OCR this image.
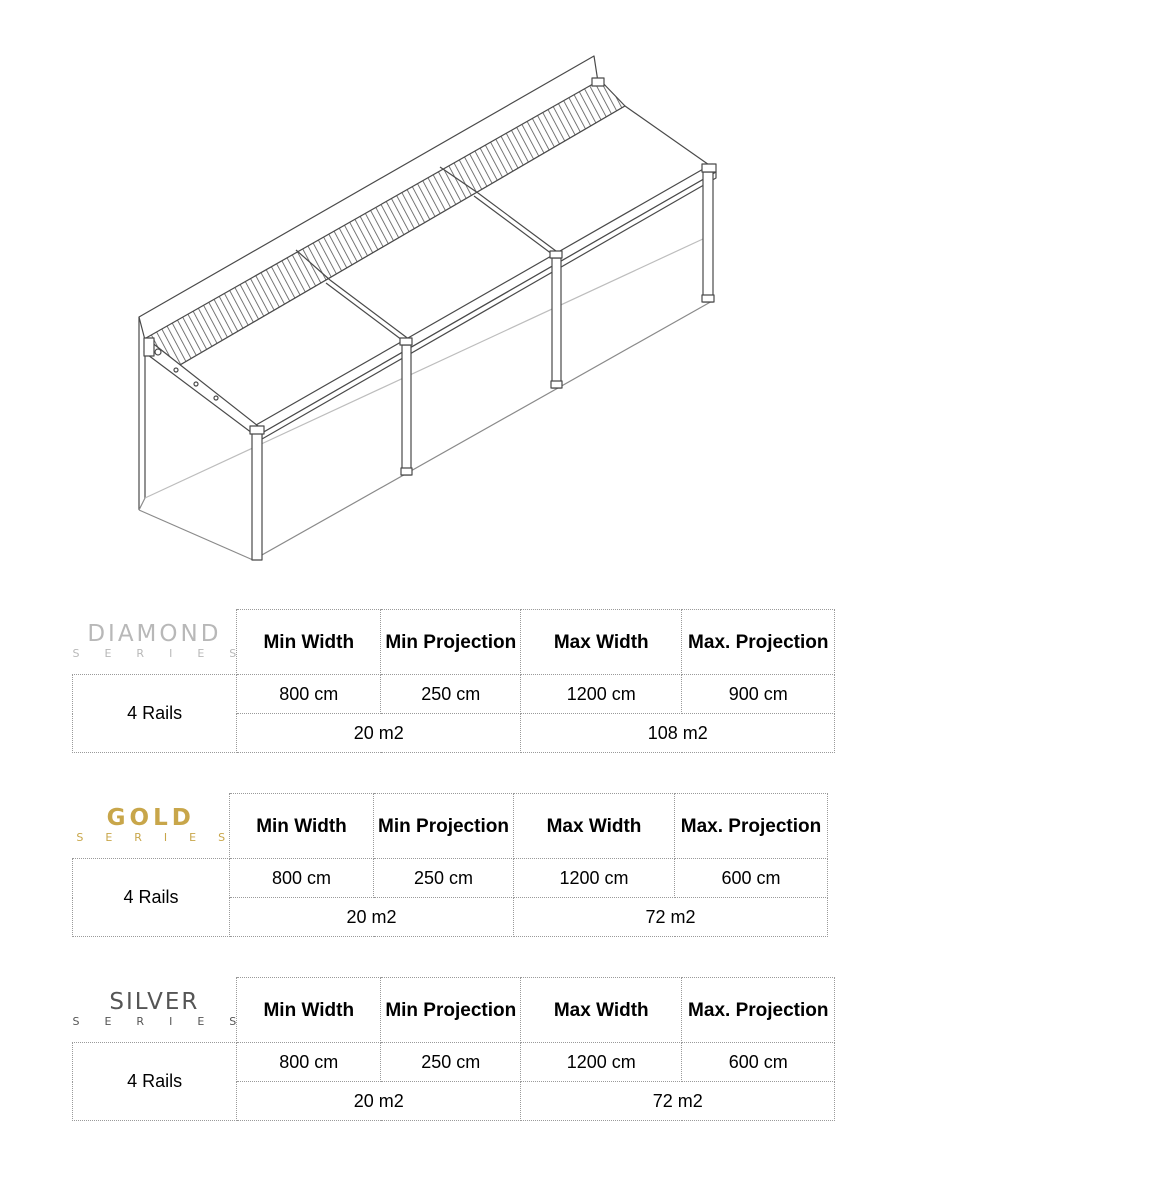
DIAMOND
SERIES	Min Width	Min Projection	Max Width	Max. Projection
4 Rails	800 cm	250 cm	1200 cm	900 cm
	20 m2		108 m2	
GOLD
SERIES	Min Width	Min Projection	Max Width	Max. Projection
4 Rails	800 cm	250 cm	1200 cm	600 cm
	20 m2		72 m2	
SILVER
SERIES	Min Width	Min Projection	Max Width	Max. Projection
4 Rails	800 cm	250 cm	1200 cm	600 cm
	20 m2		72 m2	
